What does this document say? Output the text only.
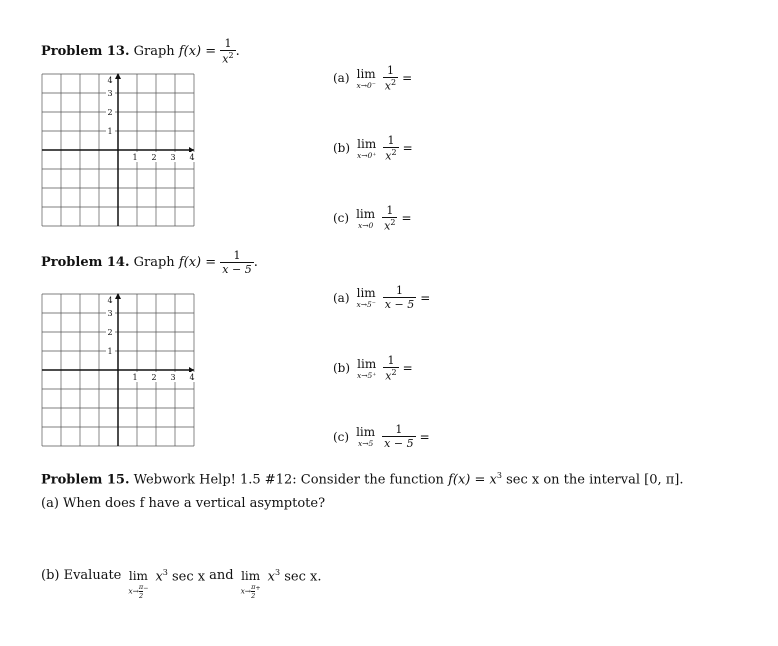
Problem 13. Graph $f(x) = \frac{1}{x^2}$ .
1 2 3 4
4
3
2
1
(a) lim
$x\to 0^- \frac{1}{x^2}$ =
(b) lim
$x\to 0^+ \frac{1}{x^2}$ =
(c) lim
$x\to 0 \frac{1}{x^2}$ =
Problem 14. Graph $f(x) = \frac{1}{x - 5}$ .
1 2 3 4
4
3
2
1
(a) lim
$x\to 5^- \frac{1}{x - 5}$ =
(b) lim
$x\to 5^+ \frac{1}{x^2}$ =
(c) lim
$x\to 5 \frac{1}{x - 5}$ =
Problem 15. Webwork Help! 1.5 #12: Consider the function $f(x) = x^3$ sec x on the interval [0, π].
(a) When does f have a vertical asymptote?
(b) Evaluate lim
$x\to \frac{\pi}{2} ^-$
$x^3$ sec x and lim
$x\to \frac{\pi}{2} ^+$
$x^3$ sec x.
